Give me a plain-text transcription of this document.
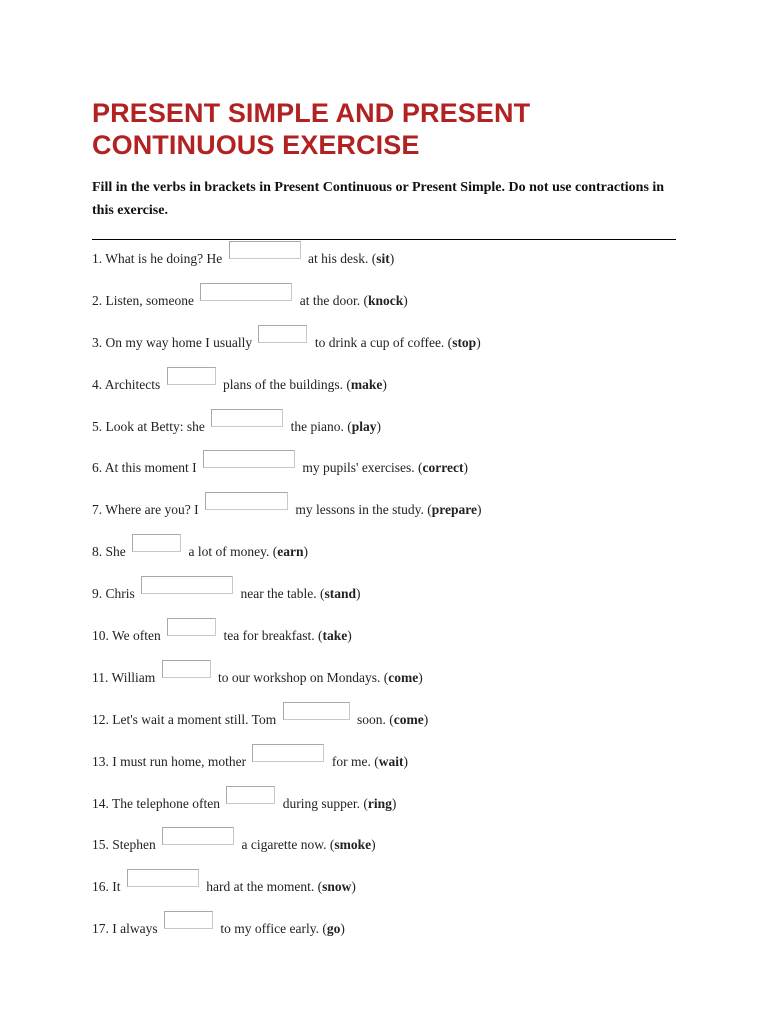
PRESENT SIMPLE AND PRESENT
CONTINUOUS EXERCISE

Fill in the verbs in brackets in Present Continuous or Present Simple. Do not use contractions in this exercise.

1. What is he doing? He	at his desk. (sit)
2. Listen, someone	at the door. (knock)
3. On my way home I usually	to drink a cup of coffee. (stop)
4. Architects	plans of the buildings. (make)
5. Look at Betty: she	the piano. (play)
6. At this moment I	my pupils' exercises. (correct)
7. Where are you? I	my lessons in the study. (prepare)
8. She	a lot of money. (earn)
9. Chris	near the table. (stand)
10. We often	tea for breakfast. (take)
11. William	to our workshop on Mondays. (come)
12. Let's wait a moment still. Tom	soon. (come)
13. I must run home, mother	for me. (wait)
14. The telephone often	during supper. (ring)
15. Stephen	a cigarette now. (smoke)
16. It	hard at the moment. (snow)
17. I always	to my office early. (go)
